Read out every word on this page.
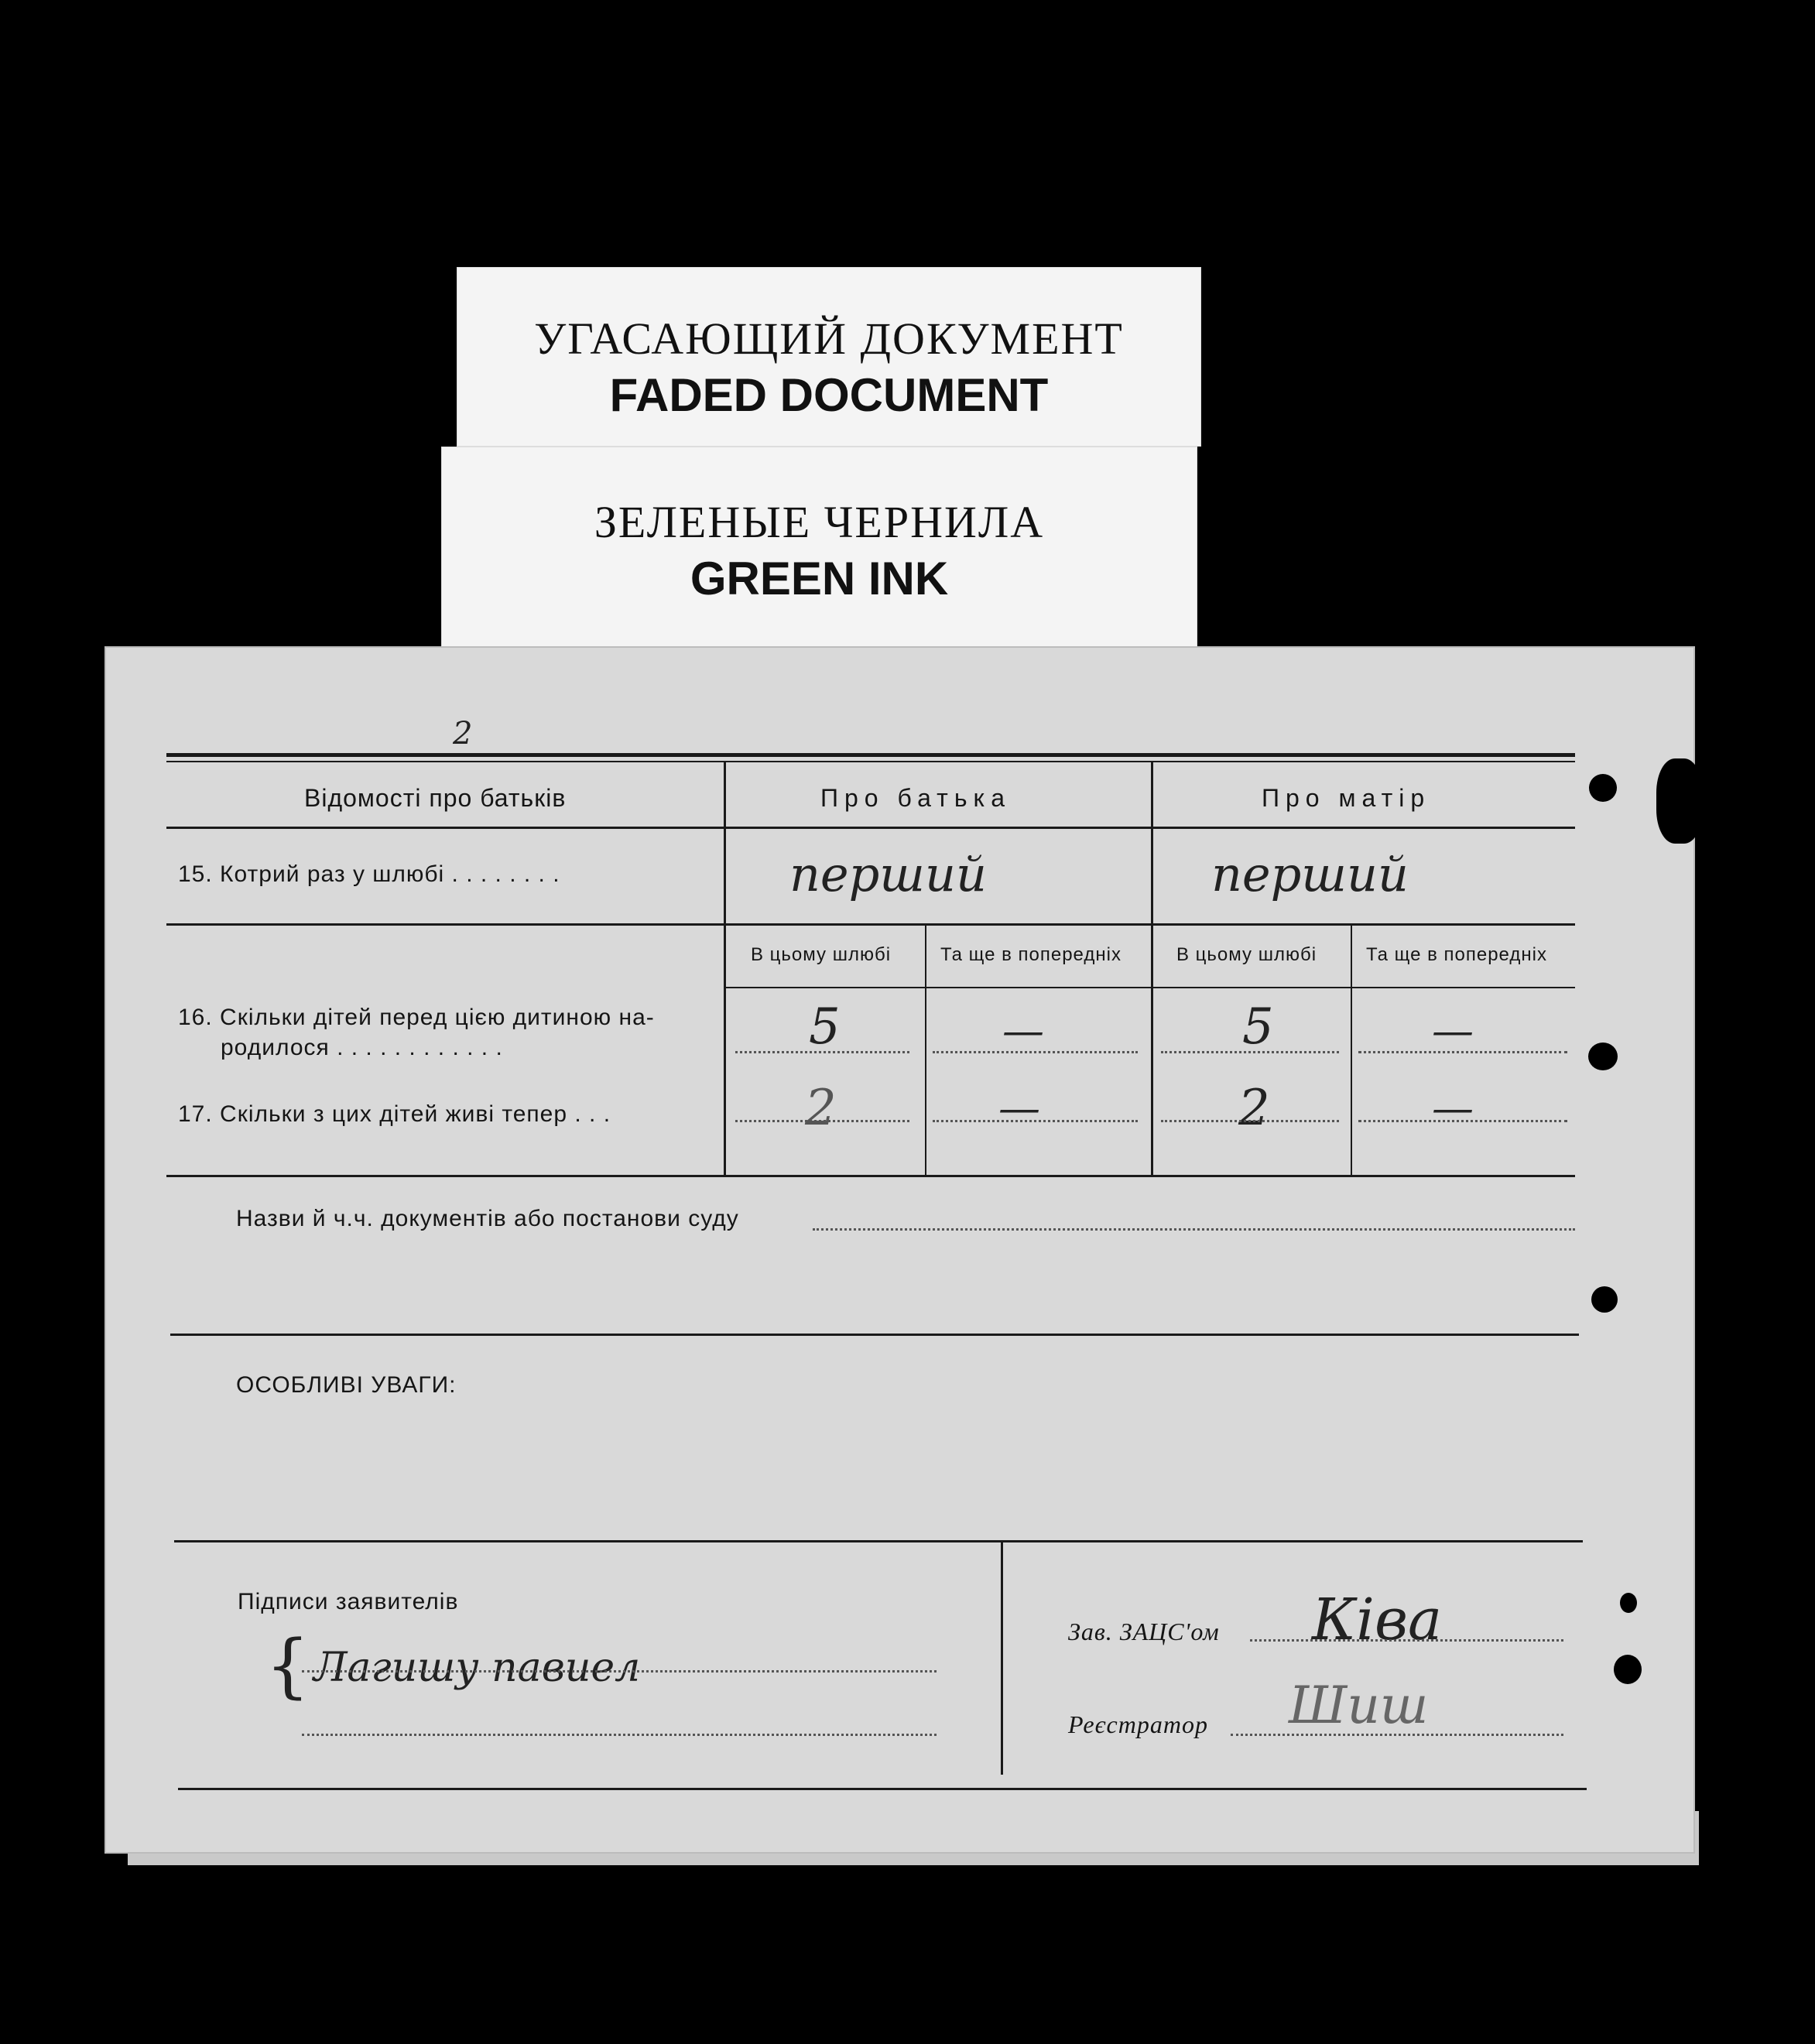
УГАСАЮЩИЙ ДОКУМЕНТ
FADED DOCUMENT
ЗЕЛЕНЫЕ ЧЕРНИЛА
GREEN INK
2
Відомості про батьків	Про батька	Про матір
15. Котрий раз у шлюбі . . . . . . . .	перший	перший
В цьому шлюбі	Та ще в попередніх	В цьому шлюбі	Та ще в попередніх
16. Скільки дітей перед цією дитиною на-
родилося . . . . . . . . . . . .	5	—	5	—
17. Скільки з цих дітей живі тепер . . .	2	—	2	—
Назви й ч.ч. документів або постанови суду
ОСОБЛИВІ УВАГИ:
Підписи заявителів
{ Лагишу павиел
Зав. ЗАЦС'ом Ківа
Реєстратор Шиш
